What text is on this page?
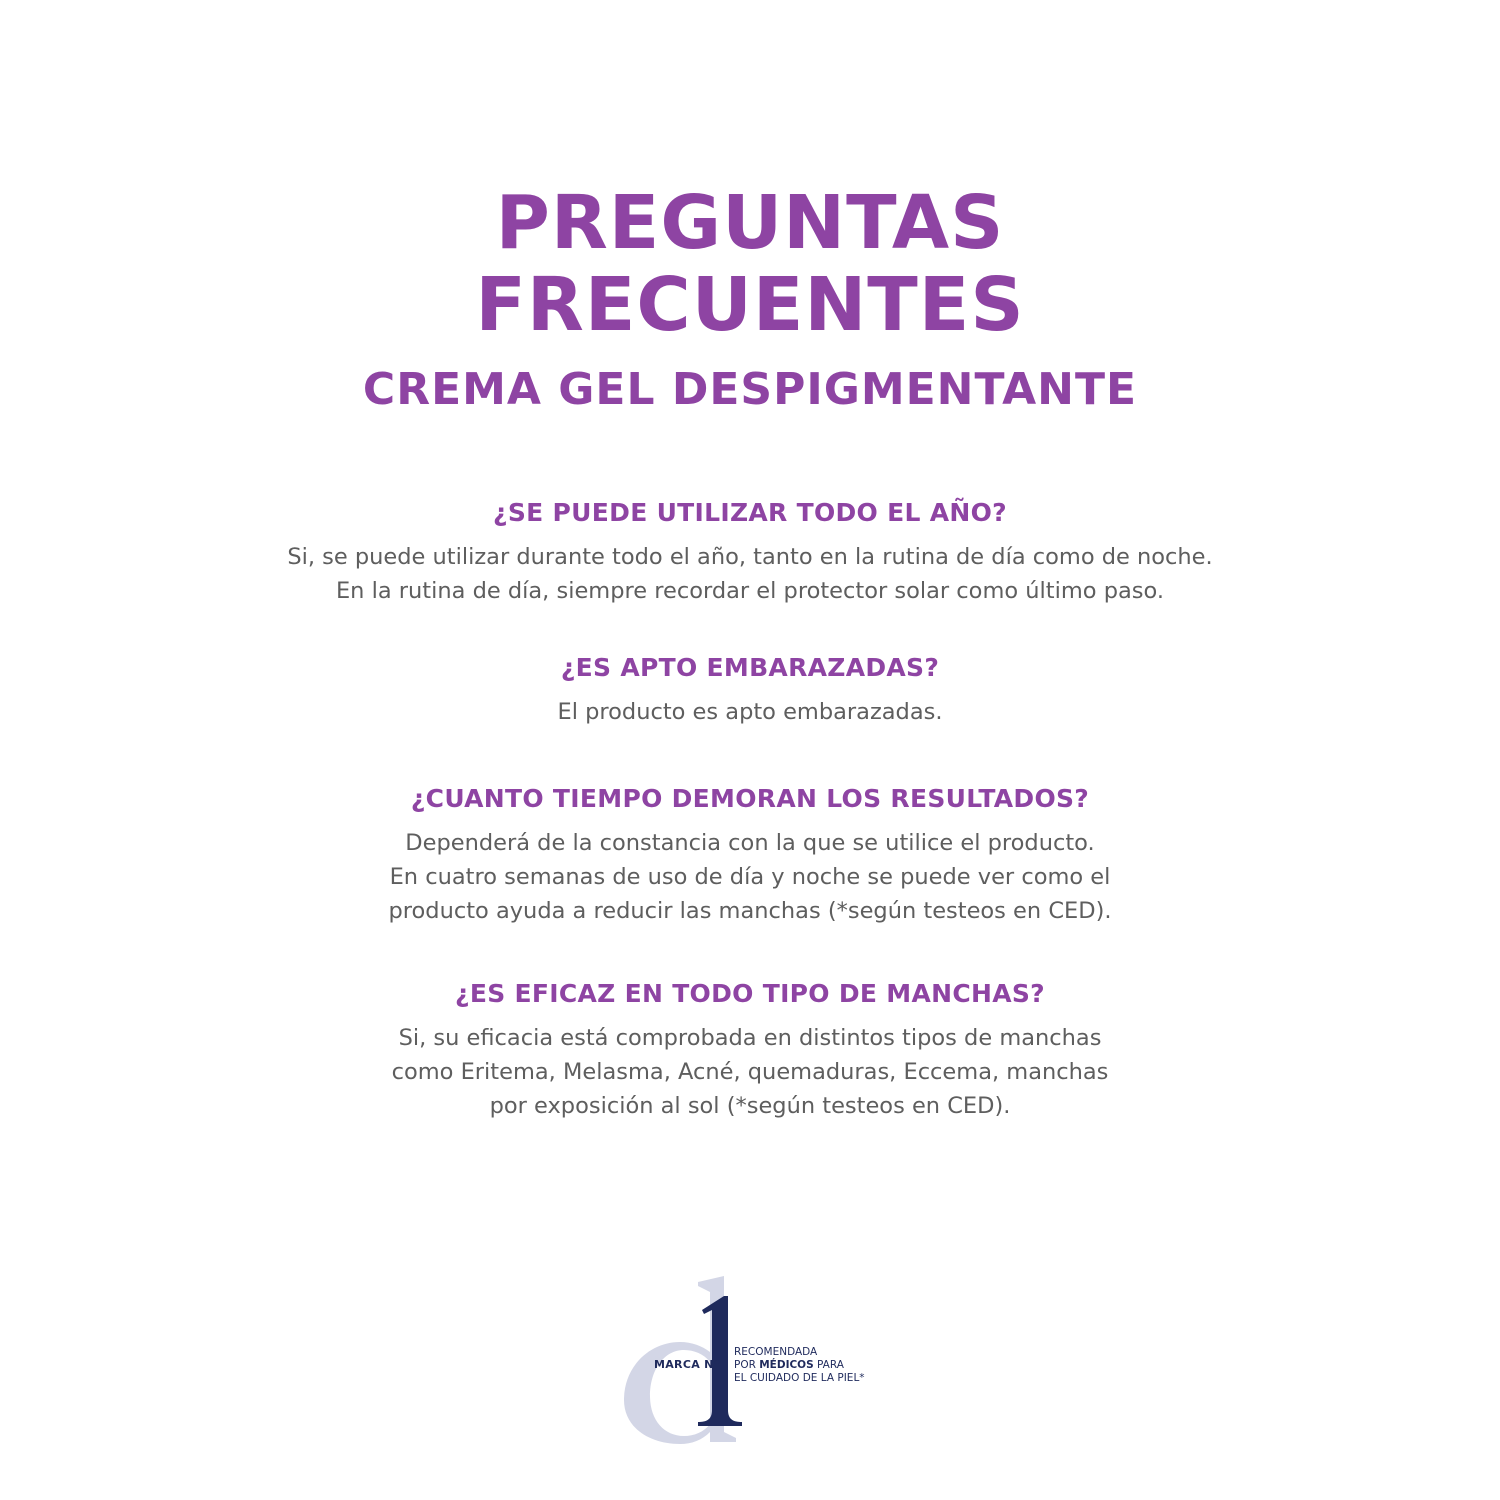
PREGUNTAS

FRECUENTES

CREMA GEL DESPIGMENTANTE

¿SE PUEDE UTILIZAR TODO EL AÑO?

Si, se puede utilizar durante todo el año, tanto en la rutina de día como de noche.
En la rutina de día, siempre recordar el protector solar como último paso.

¿ES APTO EMBARAZADAS?

El producto es apto embarazadas.

¿CUANTO TIEMPO DEMORAN LOS RESULTADOS?

Dependerá de la constancia con la que se utilice el producto.
En cuatro semanas de uso de día y noche se puede ver como el
producto ayuda a reducir las manchas (*según testeos en CED).

¿ES EFICAZ EN TODO TIPO DE MANCHAS?

Si, su eficacia está comprobada en distintos tipos de manchas
como Eritema, Melasma, Acné, quemaduras, Eccema, manchas
por exposición al sol (*según testeos en CED).

MARCA Nº
RECOMENDADA
POR MÉDICOS PARA
EL CUIDADO DE LA PIEL*
